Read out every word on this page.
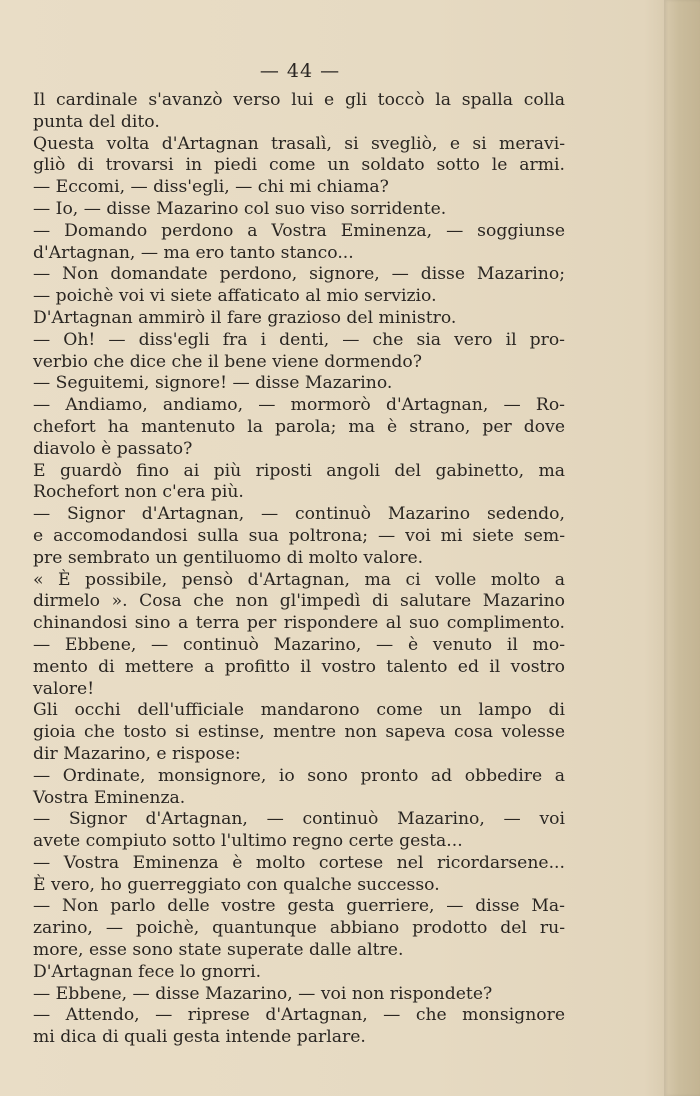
— 44 —
Il cardinale s'avanzò verso lui e gli toccò la spalla colla
punta del dito.
Questa volta d'Artagnan trasalì, si svegliò, e si meravi-
gliò di trovarsi in piedi come un soldato sotto le armi.
— Eccomi, — diss'egli, — chi mi chiama?
— Io, — disse Mazarino col suo viso sorridente.
— Domando perdono a Vostra Eminenza, — soggiunse
d'Artagnan, — ma ero tanto stanco...
— Non domandate perdono, signore, — disse Mazarino;
— poichè voi vi siete affaticato al mio servizio.
D'Artagnan ammirò il fare grazioso del ministro.
— Oh! — diss'egli fra i denti, — che sia vero il pro-
verbio che dice che il bene viene dormendo?
— Seguitemi, signore! — disse Mazarino.
— Andiamo, andiamo, — mormorò d'Artagnan, — Ro-
chefort ha mantenuto la parola; ma è strano, per dove
diavolo è passato?
E guardò fino ai più riposti angoli del gabinetto, ma
Rochefort non c'era più.
— Signor d'Artagnan, — continuò Mazarino sedendo,
e accomodandosi sulla sua poltrona; — voi mi siete sem-
pre sembrato un gentiluomo di molto valore.
« È possibile, pensò d'Artagnan, ma ci volle molto a
dirmelo ». Cosa che non gl'impedì di salutare Mazarino
chinandosi sino a terra per rispondere al suo complimento.
— Ebbene, — continuò Mazarino, — è venuto il mo-
mento di mettere a profitto il vostro talento ed il vostro
valore!
Gli occhi dell'ufficiale mandarono come un lampo di
gioia che tosto si estinse, mentre non sapeva cosa volesse
dir Mazarino, e rispose:
— Ordinate, monsignore, io sono pronto ad obbedire a
Vostra Eminenza.
— Signor d'Artagnan, — continuò Mazarino, — voi
avete compiuto sotto l'ultimo regno certe gesta...
— Vostra Eminenza è molto cortese nel ricordarsene...
È vero, ho guerreggiato con qualche successo.
— Non parlo delle vostre gesta guerriere, — disse Ma-
zarino, — poichè, quantunque abbiano prodotto del ru-
more, esse sono state superate dalle altre.
D'Artagnan fece lo gnorri.
— Ebbene, — disse Mazarino, — voi non rispondete?
— Attendo, — riprese d'Artagnan, — che monsignore
mi dica di quali gesta intende parlare.
